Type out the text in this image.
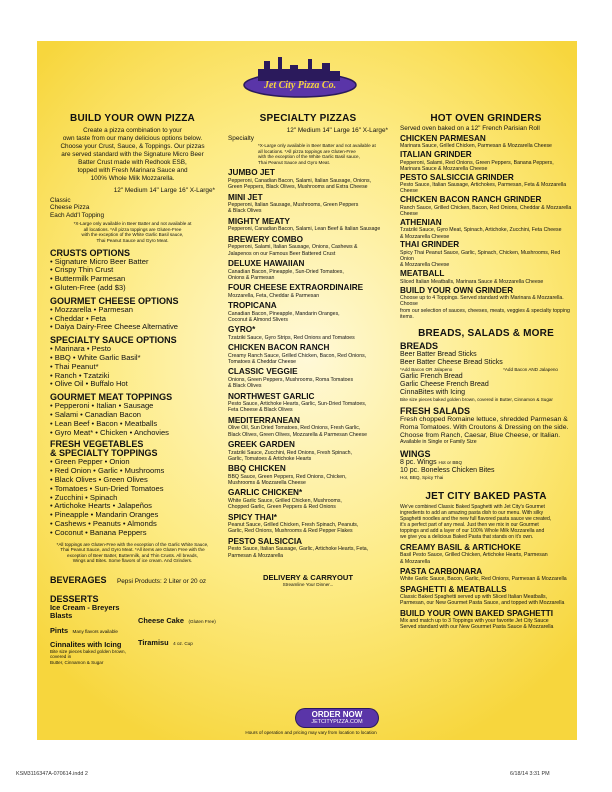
Jet City Pizza Co.
BUILD YOUR OWN PIZZA
Create a pizza combination to your
own taste from our many delicious options below.
Choose your Crust, Sauce, & Toppings. Our pizzas
are served standard with the Signature Micro Beer
Batter Crust made with Redhook ESB,
topped with Fresh Marinara Sauce and
100% Whole Milk Mozzarella.
12" Medium 14" Large 16" X-Large*
Classic
Cheese Pizza
Each Add'l Topping
*X-Large only available in Beer Batter and not available at
all locations. *All pizza toppings are Gluten-Free
with the exception of the White Garlic Basil sauce,
Thai Peanut Sauce and Gyro Meat.
CRUSTS OPTIONS
• Signature Micro Beer Batter
• Crispy Thin Crust
• Buttermilk Parmesan
• Gluten-Free (add $3)
GOURMET CHEESE OPTIONS
• Mozzarella • Parmesan
• Cheddar • Feta
• Daiya Dairy-Free Cheese Alternative
SPECIALTY SAUCE OPTIONS
• Marinara • Pesto
• BBQ • White Garlic Basil*
• Thai Peanut*
• Ranch • Tzatziki
• Olive Oil • Buffalo Hot
GOURMET MEAT TOPPINGS
• Pepperoni • Italian • Sausage
• Salami • Canadian Bacon
• Lean Beef • Bacon • Meatballs
• Gyro Meat* • Chicken • Anchovies
FRESH VEGETABLES
& SPECIALTY TOPPINGS
• Green Pepper • Onion
• Red Onion • Garlic • Mushrooms
• Black Olives • Green Olives
• Tomatoes • Sun-Dried Tomatoes
• Zucchini • Spinach
• Artichoke Hearts • Jalapeños
• Pineapple • Mandarin Oranges
• Cashews • Peanuts • Almonds
• Coconut • Banana Peppers
*All toppings are Gluten-Free with the exception of the Garlic White Sauce,
Thai Peanut Sauce, and Gyro Meat. *All items are Gluten Free with the
exception of Beer Batter, Buttermilk, and Thin Crusts. All breads,
Wings and Bites. Some flavors of ice cream. And Grinders.
BEVERAGES Pepsi Products: 2 Liter or 20 oz
DESSERTS
Ice Cream - Breyers Blasts
Pints Many flavors available
Cinnalites with Icing
Bite size pieces baked golden brown, covered in
Butter, Cinnamon & Sugar
Cheese Cake (Gluten Free)
Tiramisu 4 oz. Cup
SPECIALTY PIZZAS
12" Medium 14" Large 16" X-Large*
Specialty
*X-Large only available in Beer Batter and not available at
all locations. *All pizza toppings are Gluten-Free
with the exception of the White Garlic Basil sauce,
Thai Peanut Sauce and Gyro Meat.
JUMBO JET
Pepperoni, Canadian Bacon, Salami, Italian Sausage, Onions,
Green Peppers, Black Olives, Mushrooms and Extra Cheese
MINI JET
Pepperoni, Italian Sausage, Mushrooms, Green Peppers
& Black Olives
MIGHTY MEATY
Pepperoni, Canadian Bacon, Salami, Lean Beef & Italian Sausage
BREWERY COMBO
Pepperoni, Salami, Italian Sausage, Onions, Cashews &
Jalapenos on our Famous Beer Battered Crust
DELUXE HAWAIIAN
Canadian Bacon, Pineapple, Sun-Dried Tomatoes,
Onions & Parmesan
FOUR CHEESE EXTRAORDINAIRE
Mozzarella, Feta, Cheddar & Parmesan
TROPICANA
Canadian Bacon, Pineapple, Mandarin Oranges,
Coconut & Almond Slivers
GYRO*
Tzatziki Sauce, Gyro Strips, Red Onions and Tomatoes
CHICKEN BACON RANCH
Creamy Ranch Sauce, Grilled Chicken, Bacon, Red Onions,
Tomatoes & Cheddar Cheese
CLASSIC VEGGIE
Onions, Green Peppers, Mushrooms, Roma Tomatoes
& Black Olives
NORTHWEST GARLIC
Pesto Sauce, Artichoke Hearts, Garlic, Sun-Dried Tomatoes,
Feta Cheese & Black Olives
MEDITERRANEAN
Olive Oil, Sun Dried Tomatoes, Red Onions, Fresh Garlic,
Black Olives, Green Olives, Mozzarella & Parmesan Cheese
GREEK GARDEN
Tzatziki Sauce, Zucchini, Red Onions, Fresh Spinach,
Garlic, Tomatoes & Artichoke Hearts
BBQ CHICKEN
BBQ Sauce, Green Peppers, Red Onions, Chicken,
Mushrooms & Mozzarella Cheese
GARLIC CHICKEN*
White Garlic Sauce, Grilled Chicken, Mushrooms,
Chopped Garlic, Green Peppers & Red Onions
SPICY THAI*
Peanut Sauce, Grilled Chicken, Fresh Spinach, Peanuts,
Garlic, Red Onions, Mushrooms & Red Pepper Flakes
PESTO SALSICCIA
Pesto Sauce, Italian Sausage, Garlic, Artichoke Hearts, Feta,
Parmesan & Mozzarella
DELIVERY & CARRYOUT
Streamline Your Dinner...
ORDER NOW
JETCITYPIZZA.COM
Hours of operation and pricing may vary from location to location
HOT OVEN GRINDERS
Served oven baked on a 12" French Parisian Roll
CHICKEN PARMESAN
Marinara Sauce, Grilled Chicken, Parmesan & Mozzarella Cheese
ITALIAN GRINDER
Pepperoni, Salami, Red Onions, Green Peppers, Banana Peppers,
Marinara Sauce & Mozzarella Cheese
PESTO SALSICCIA GRINDER
Pesto Sauce, Italian Sausage, Artichokes, Parmesan, Feta & Mozzarella Cheese
CHICKEN BACON RANCH GRINDER
Ranch Sauce, Grilled Chicken, Bacon, Red Onions, Cheddar & Mozzarella Cheese
ATHENIAN
Tzatziki Sauce, Gyro Meat, Spinach, Artichoke, Zucchini, Feta Cheese
& Mozzarella Cheese
THAI GRINDER
Spicy Thai Peanut Sauce, Garlic, Spinach, Chicken, Mushrooms, Red Onion
& Mozzarella Cheese
MEATBALL
Sliced Italian Meatballs, Marinara Sauce & Mozzarella Cheese
BUILD YOUR OWN GRINDER
Choose up to 4 Toppings. Served standard with Marinara & Mozzarella. Choose
from our selection of sauces, cheeses, meats, veggies & specialty topping items.
BREADS, SALADS & MORE
BREADS
Beer Batter Bread Sticks
Beer Batter Cheese Bread Sticks
*Add Bacon OR Jalapeno	*Add Bacon AND Jalapeno
Garlic French Bread
Garlic Cheese French Bread
CinnaBites with Icing
Bite size pieces baked golden brown, covered in Butter, Cinnamon & Sugar
FRESH SALADS
Fresh chopped Romaine lettuce, shredded Parmesan &
Roma Tomatoes. With Croutons & Dressing on the side.
Choose from Ranch, Caesar, Blue Cheese, or Italian.
Available in Single or Family Size
WINGS
8 pc. Wings Hot or BBQ
10 pc. Boneless Chicken Bites
Hot, BBQ, Spicy Thai
JET CITY BAKED PASTA
We've combined Classic Baked Spaghetti with Jet City's Gourmet
ingredients to add an amazing pasta dish to our menu. With silky
Spaghetti noodles and the new full flavored pasta sauce we created,
it's a perfect part of any meal. Just then we mix in our Gourmet
toppings and add a layer of our 100% Whole Milk Mozzarella and
we give you a delicious Baked Pasta that stands on it's own.
CREAMY BASIL & ARTICHOKE
Basil Pesto Sauce, Grilled Chicken, Artichoke Hearts, Parmesan
& Mozzarella
PASTA CARBONARA
White Garlic Sauce, Bacon, Garlic, Red Onions, Parmesan & Mozzarella
SPAGHETTI & MEATBALLS
Classic Baked Spaghetti served up with Sliced Italian Meatballs,
Parmesan, our New Gourmet Pasta Sauce, and topped with Mozzarella
BUILD YOUR OWN BAKED SPAGHETTI
Mix and match up to 3 Toppings with your favorite Jet City Sauce
Served standard with our New Gourmet Pasta Sauce & Mozzarella
KSM3116347A-070614.indd 2	6/18/14 3:31 PM
